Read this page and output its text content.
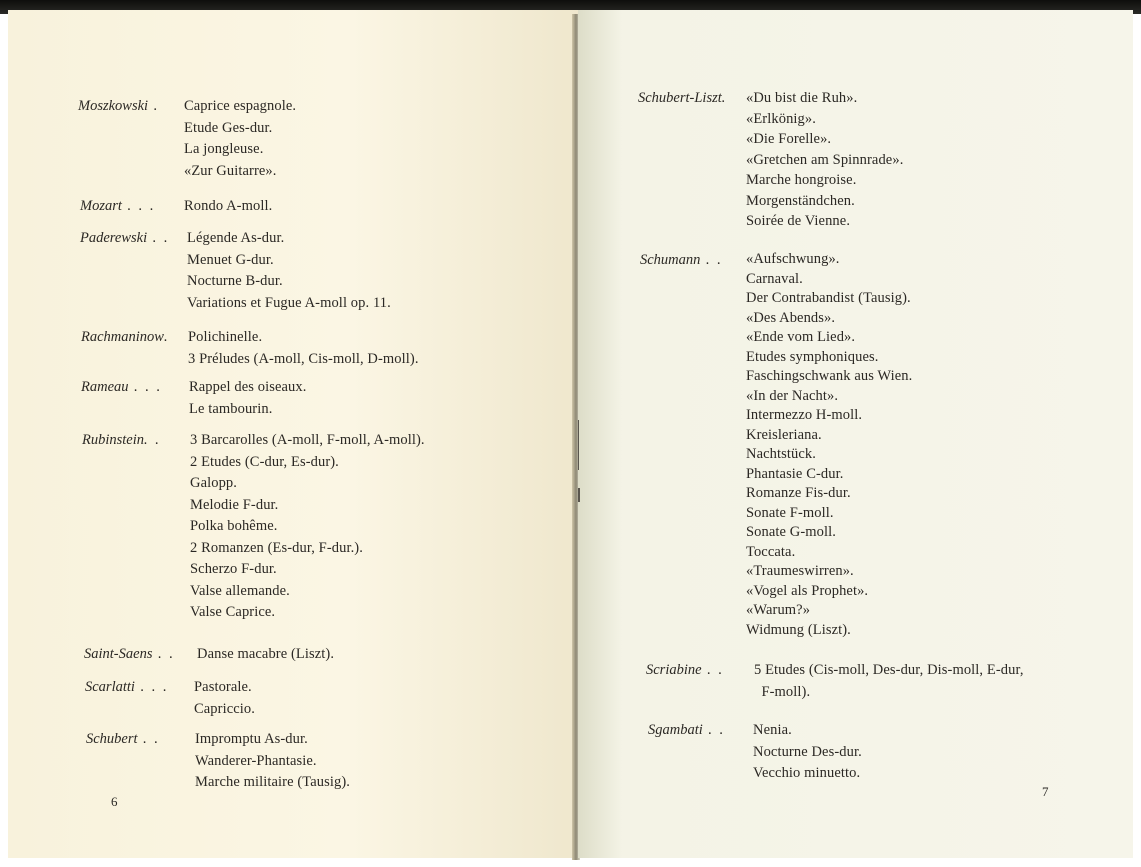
Moszkowski . Caprice espagnole.
Etude Ges-dur.
La jongleuse.
«Zur Guitarre».
Mozart . . . Rondo A-moll.
Paderewski . . Légende As-dur.
Menuet G-dur.
Nocturne B-dur.
Variations et Fugue A-moll op. 11.
Rachmaninow. Polichinelle.
3 Préludes (A-moll, Cis-moll, D-moll).
Rameau . . . Rappel des oiseaux.
Le tambourin.
Rubinstein. . 3 Barcarolles (A-moll, F-moll, A-moll).
2 Etudes (C-dur, Es-dur).
Galopp.
Melodie F-dur.
Polka bohême.
2 Romanzen (Es-dur, F-dur.).
Scherzo F-dur.
Valse allemande.
Valse Caprice.
Saint-Saens . . Danse macabre (Liszt).
Scarlatti . . . Pastorale.
Capriccio.
Schubert . . Impromptu As-dur.
Wanderer-Phantasie.
Marche militaire (Tausig).
6
Schubert-Liszt. «Du bist die Ruh».
«Erlkönig».
«Die Forelle».
«Gretchen am Spinnrade».
Marche hongroise.
Morgenständchen.
Soirée de Vienne.
Schumann . . «Aufschwung».
Carnaval.
Der Contrabandist (Tausig).
«Des Abends».
«Ende vom Lied».
Etudes symphoniques.
Faschingschwank aus Wien.
«In der Nacht».
Intermezzo H-moll.
Kreisleriana.
Nachtstück.
Phantasie C-dur.
Romanze Fis-dur.
Sonate F-moll.
Sonate G-moll.
Toccata.
«Traumeswirren».
«Vogel als Prophet».
«Warum?»
Widmung (Liszt).
Scriabine . . 5 Etudes (Cis-moll, Des-dur, Dis-moll, E-dur,
F-moll).
Sgambati . . Nenia.
Nocturne Des-dur.
Vecchio minuetto.
7
